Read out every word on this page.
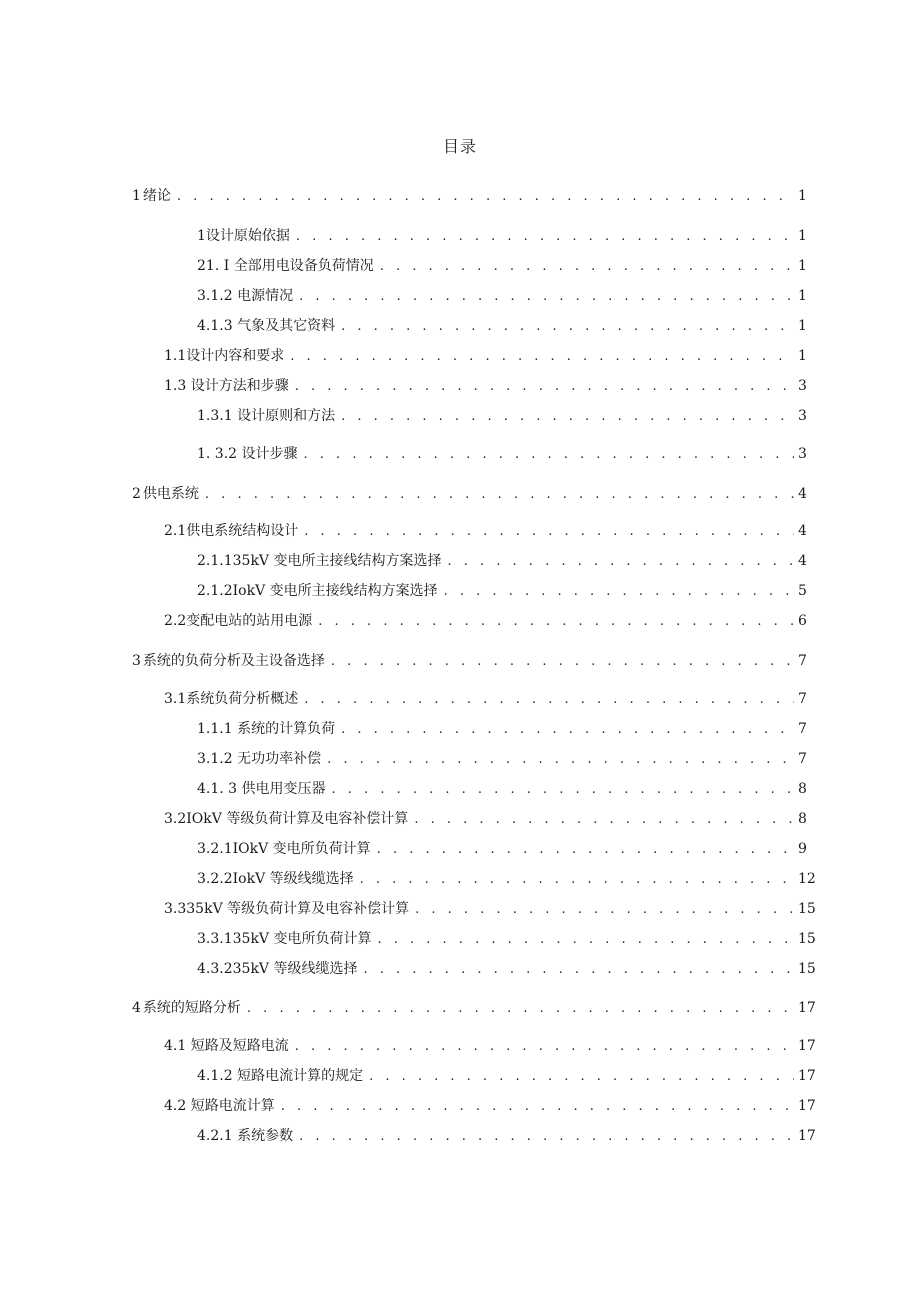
目录
1 绪论 . . .	1
1 设计原始依据 . . .	1
2 1. I 全部用电设备负荷情况 . . .	1
3 .1.2 电源情况 . . .	1
4 .1.3 气象及其它资料 . . .	1
1.1 设计内容和要求 . . .	1
1. 3 设计方法和步骤 . . .	3
1.3.1 设计原则和方法 . . .	3
1. 3.2 设计步骤 . . .	3
2 供电系统 . . .	4
2.1 供电系统结构设计 . . .	4
2.1.1 35kV 变电所主接线结构方案选择 . . .	4
2.1.2 IokV 变电所主接线结构方案选择 . . .	5
2.2 变配电站的站用电源 . . .	6
3 系统的负荷分析及主设备选择 . . .	7
3.1 系统负荷分析概述 . . .	7
1. 1.1 系统的计算负荷 . . .	7
3. 1.2 无功功率补偿 . . .	7
4. 1. 3 供电用变压器 . . .	8
3.2 IOkV 等级负荷计算及电容补偿计算 . . .	8
3.2.1IOkV 变电所负荷计算 . . .	9
3.2.2IokV 等级线缆选择 . . .	12
3.335kV 等级负荷计算及电容补偿计算 . . .	15
3. 3.135kV 变电所负荷计算 . . .	15
4. 3.235kV 等级线缆选择 . . .	15
4 系统的短路分析 . . .	17
4.1 短路及短路电流 . . .	17
4.1.2 短路电流计算的规定 . . .	17
4. 2 短路电流计算 . . .	17
4 .2.1 系统参数 . . .	17
